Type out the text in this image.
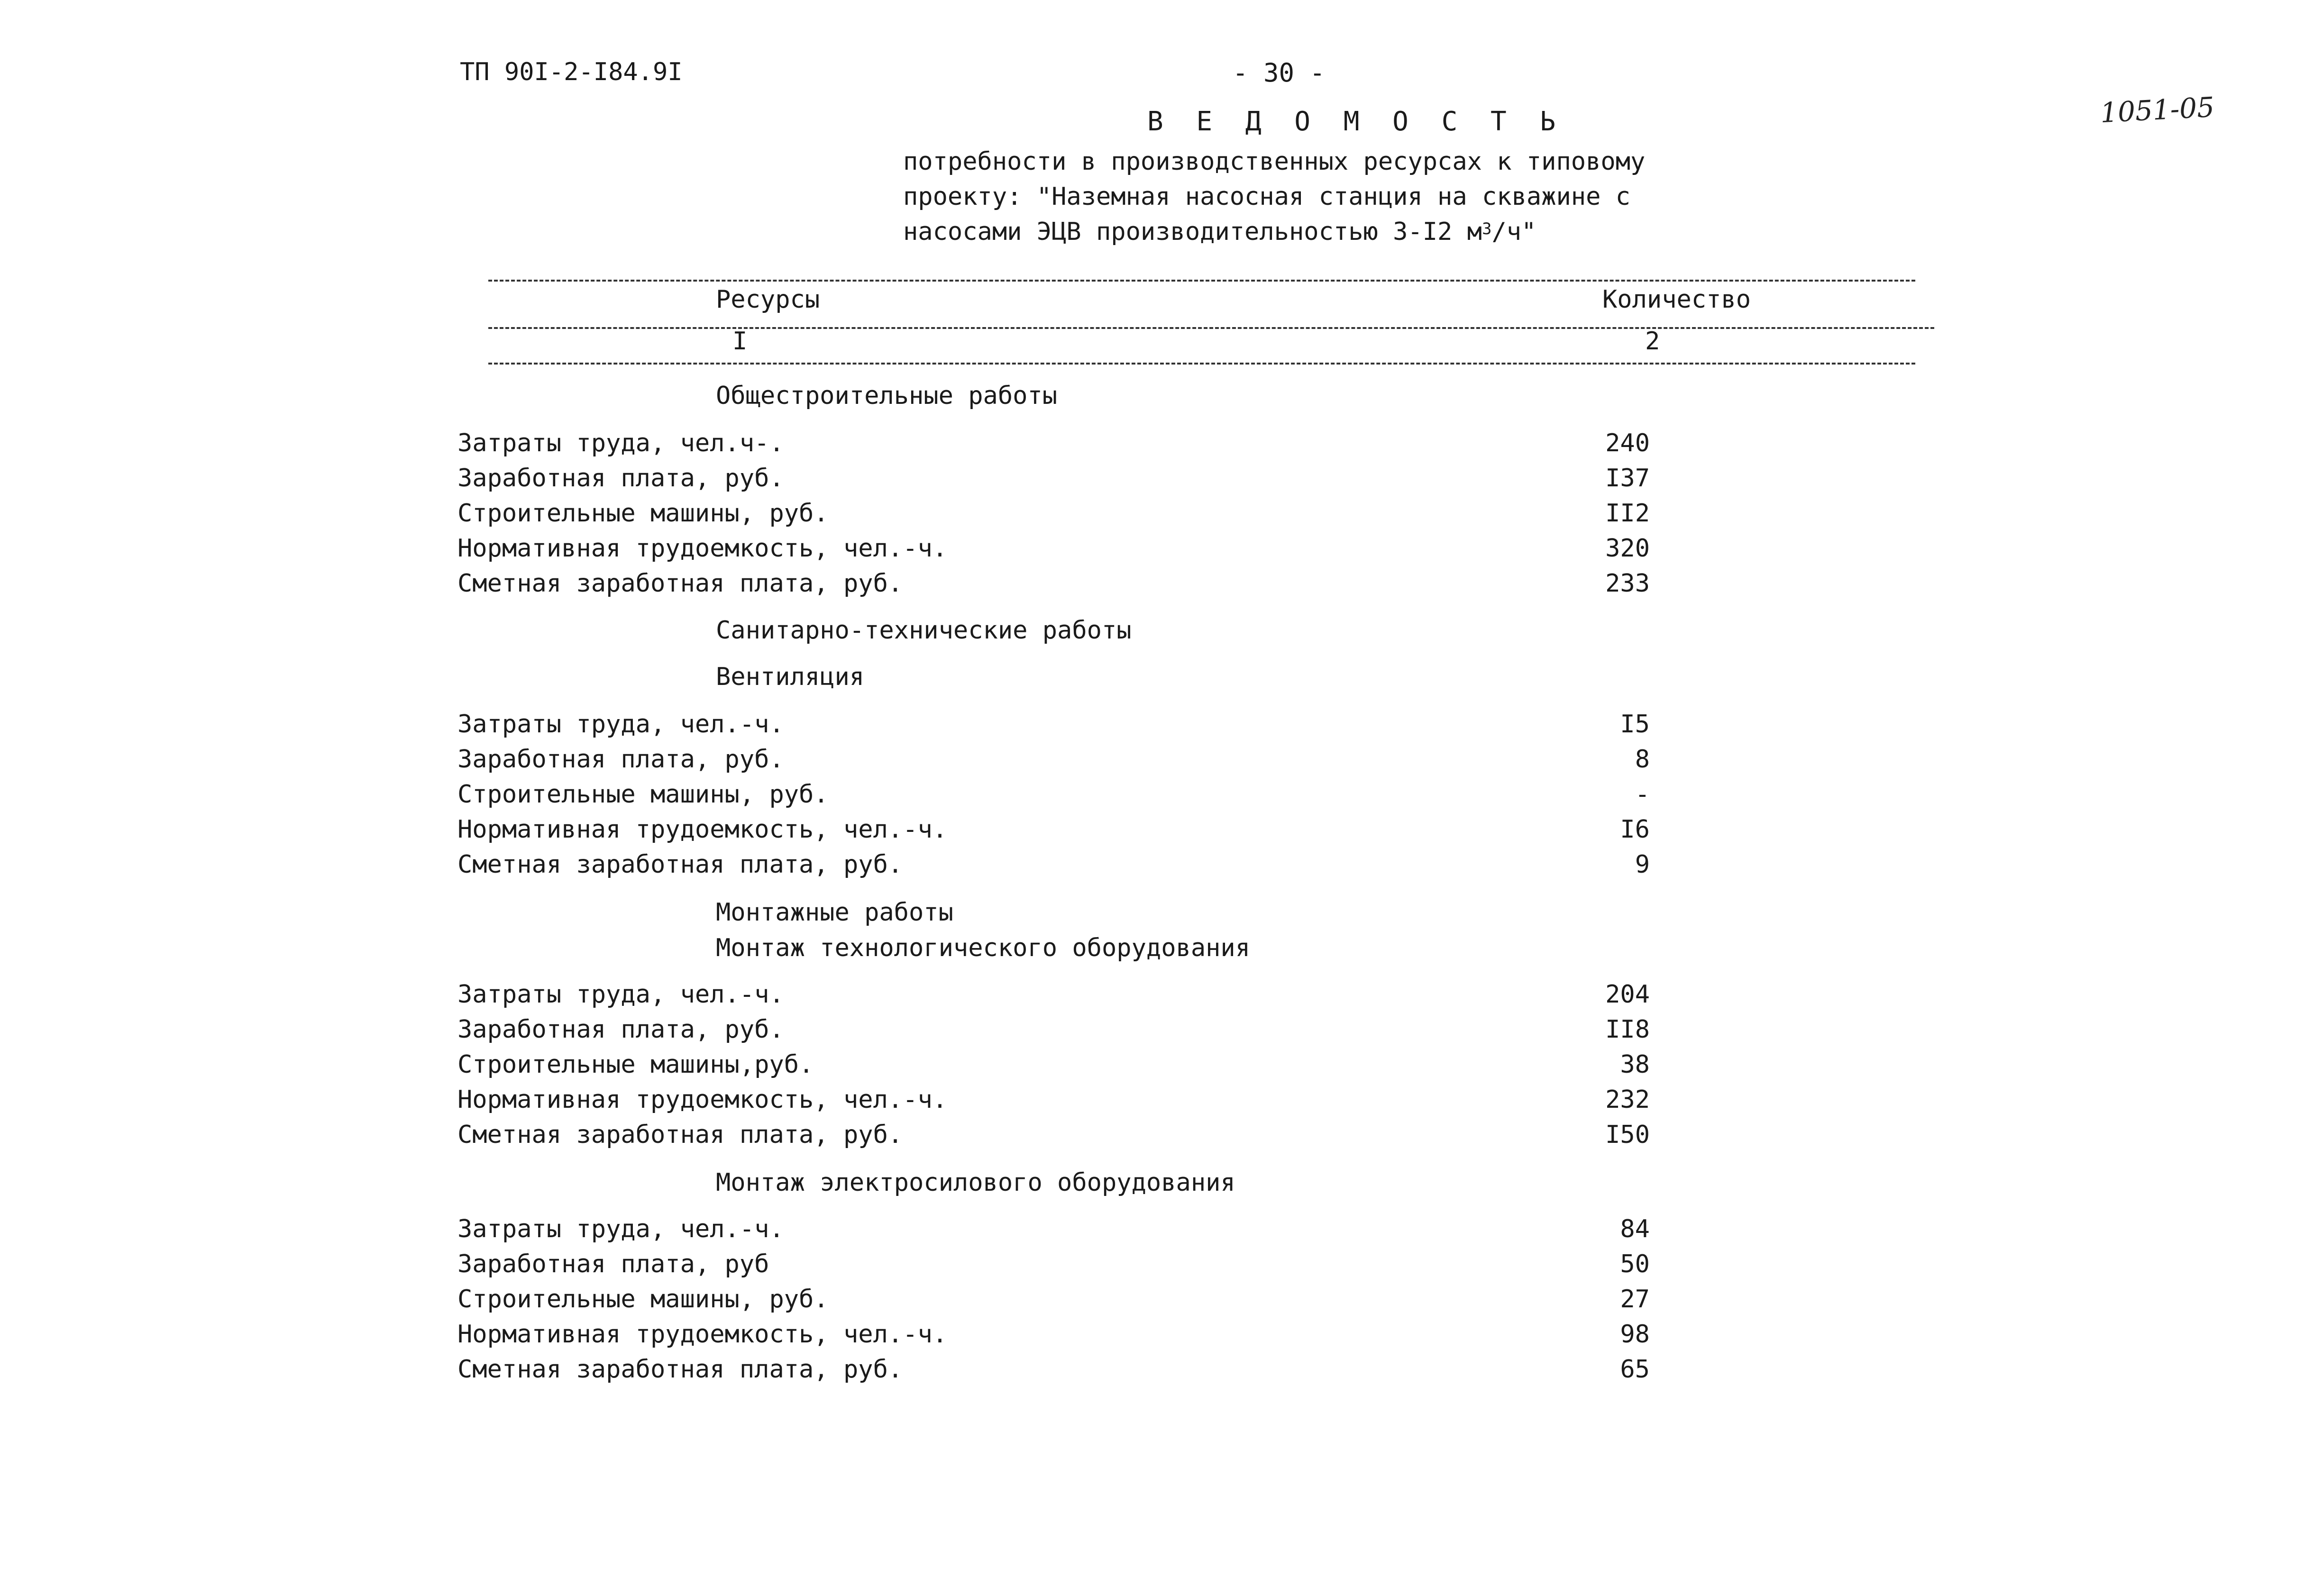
ТП 90I-2-I84.9I	- 30 -
1051-05
В Е Д О М О С Т Ь
потребности в производственных ресурсах к типовому
проекту: "Наземная насосная станция на скважине с
насосами ЭЦВ производительностью 3-I2 $м^3/ч$"
Ресурсы	Количество
I	2
Общестроительные работы
Затраты труда, чел.ч-.	240
Заработная плата, руб.	I37
Строительные машины, руб.	II2
Нормативная трудоемкость, чел.-ч.	320
Сметная заработная плата, руб.	233
Санитарно-технические работы
Вентиляция
Затраты труда, чел.-ч.	I5
Заработная плата, руб.	8
Строительные машины, руб.	-
Нормативная трудоемкость, чел.-ч.	I6
Сметная заработная плата, руб.	9
Монтажные работы
Монтаж технологического оборудования
Затраты труда, чел.-ч.	204
Заработная плата, руб.	II8
Строительные машины,руб.	38
Нормативная трудоемкость, чел.-ч.	232
Сметная заработная плата, руб.	I50
Монтаж электросилового оборудования
Затраты труда, чел.-ч.	84
Заработная плата, руб	50
Строительные машины, руб.	27
Нормативная трудоемкость, чел.-ч.	98
Сметная заработная плата, руб.	65
